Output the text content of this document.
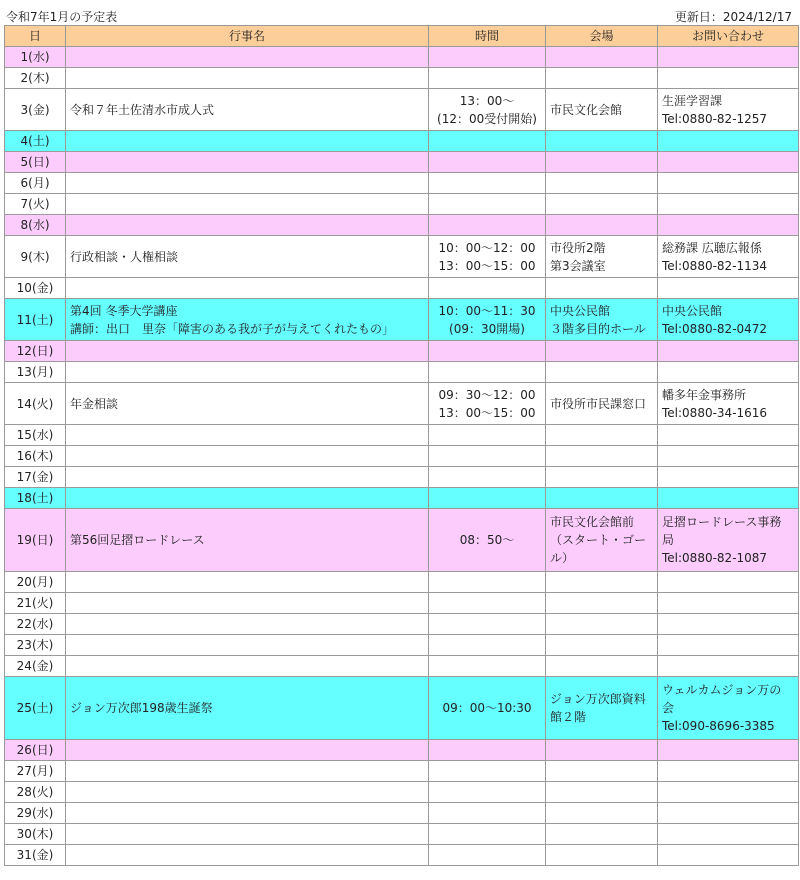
令和7年1月の予定表	更新日：2024/12/17
日	行事名	時間	会場	お問い合わせ
1(水)				
2(木)				
3(金)	令和７年土佐清水市成人式	13：00～
(12：00受付開始)	市民文化会館	生涯学習課
Tel:0880-82-1257

4(土)				
5(日)				
6(月)				
7(火)				
8(水)				
9(木)	行政相談・人権相談	10：00～12：00
13：00～15：00	市役所2階
第3会議室	総務課 広聴広報係
Tel:0880-82-1134

10(金)				
11(土)	第4回 冬季大学講座
講師：出口　里奈「障害のある我が子が与えてくれたもの」	10：00～11：30
(09：30開場)	中央公民館
３階多目的ホール	中央公民館
Tel:0880-82-0472

12(日)				
13(月)				
14(火)	年金相談	09：30～12：00
13：00～15：00	市役所市民課窓口	幡多年金事務所
Tel:0880-34-1616

15(水)				
16(木)				
17(金)				
18(土)				
19(日)	第56回足摺ロードレース	08：50～	市民文化会館前
（スタート・ゴー
ル）	足摺ロードレース事務
局
Tel:0880-82-1087

20(月)				
21(火)				
22(水)				
23(木)				
24(金)				
25(土)	ジョン万次郎198歳生誕祭	09：00～10:30	ジョン万次郎資料
館２階	ウェルカムジョン万の
会
Tel:090-8696-3385

26(日)				
27(月)				
28(火)				
29(水)				
30(木)				
31(金)				
